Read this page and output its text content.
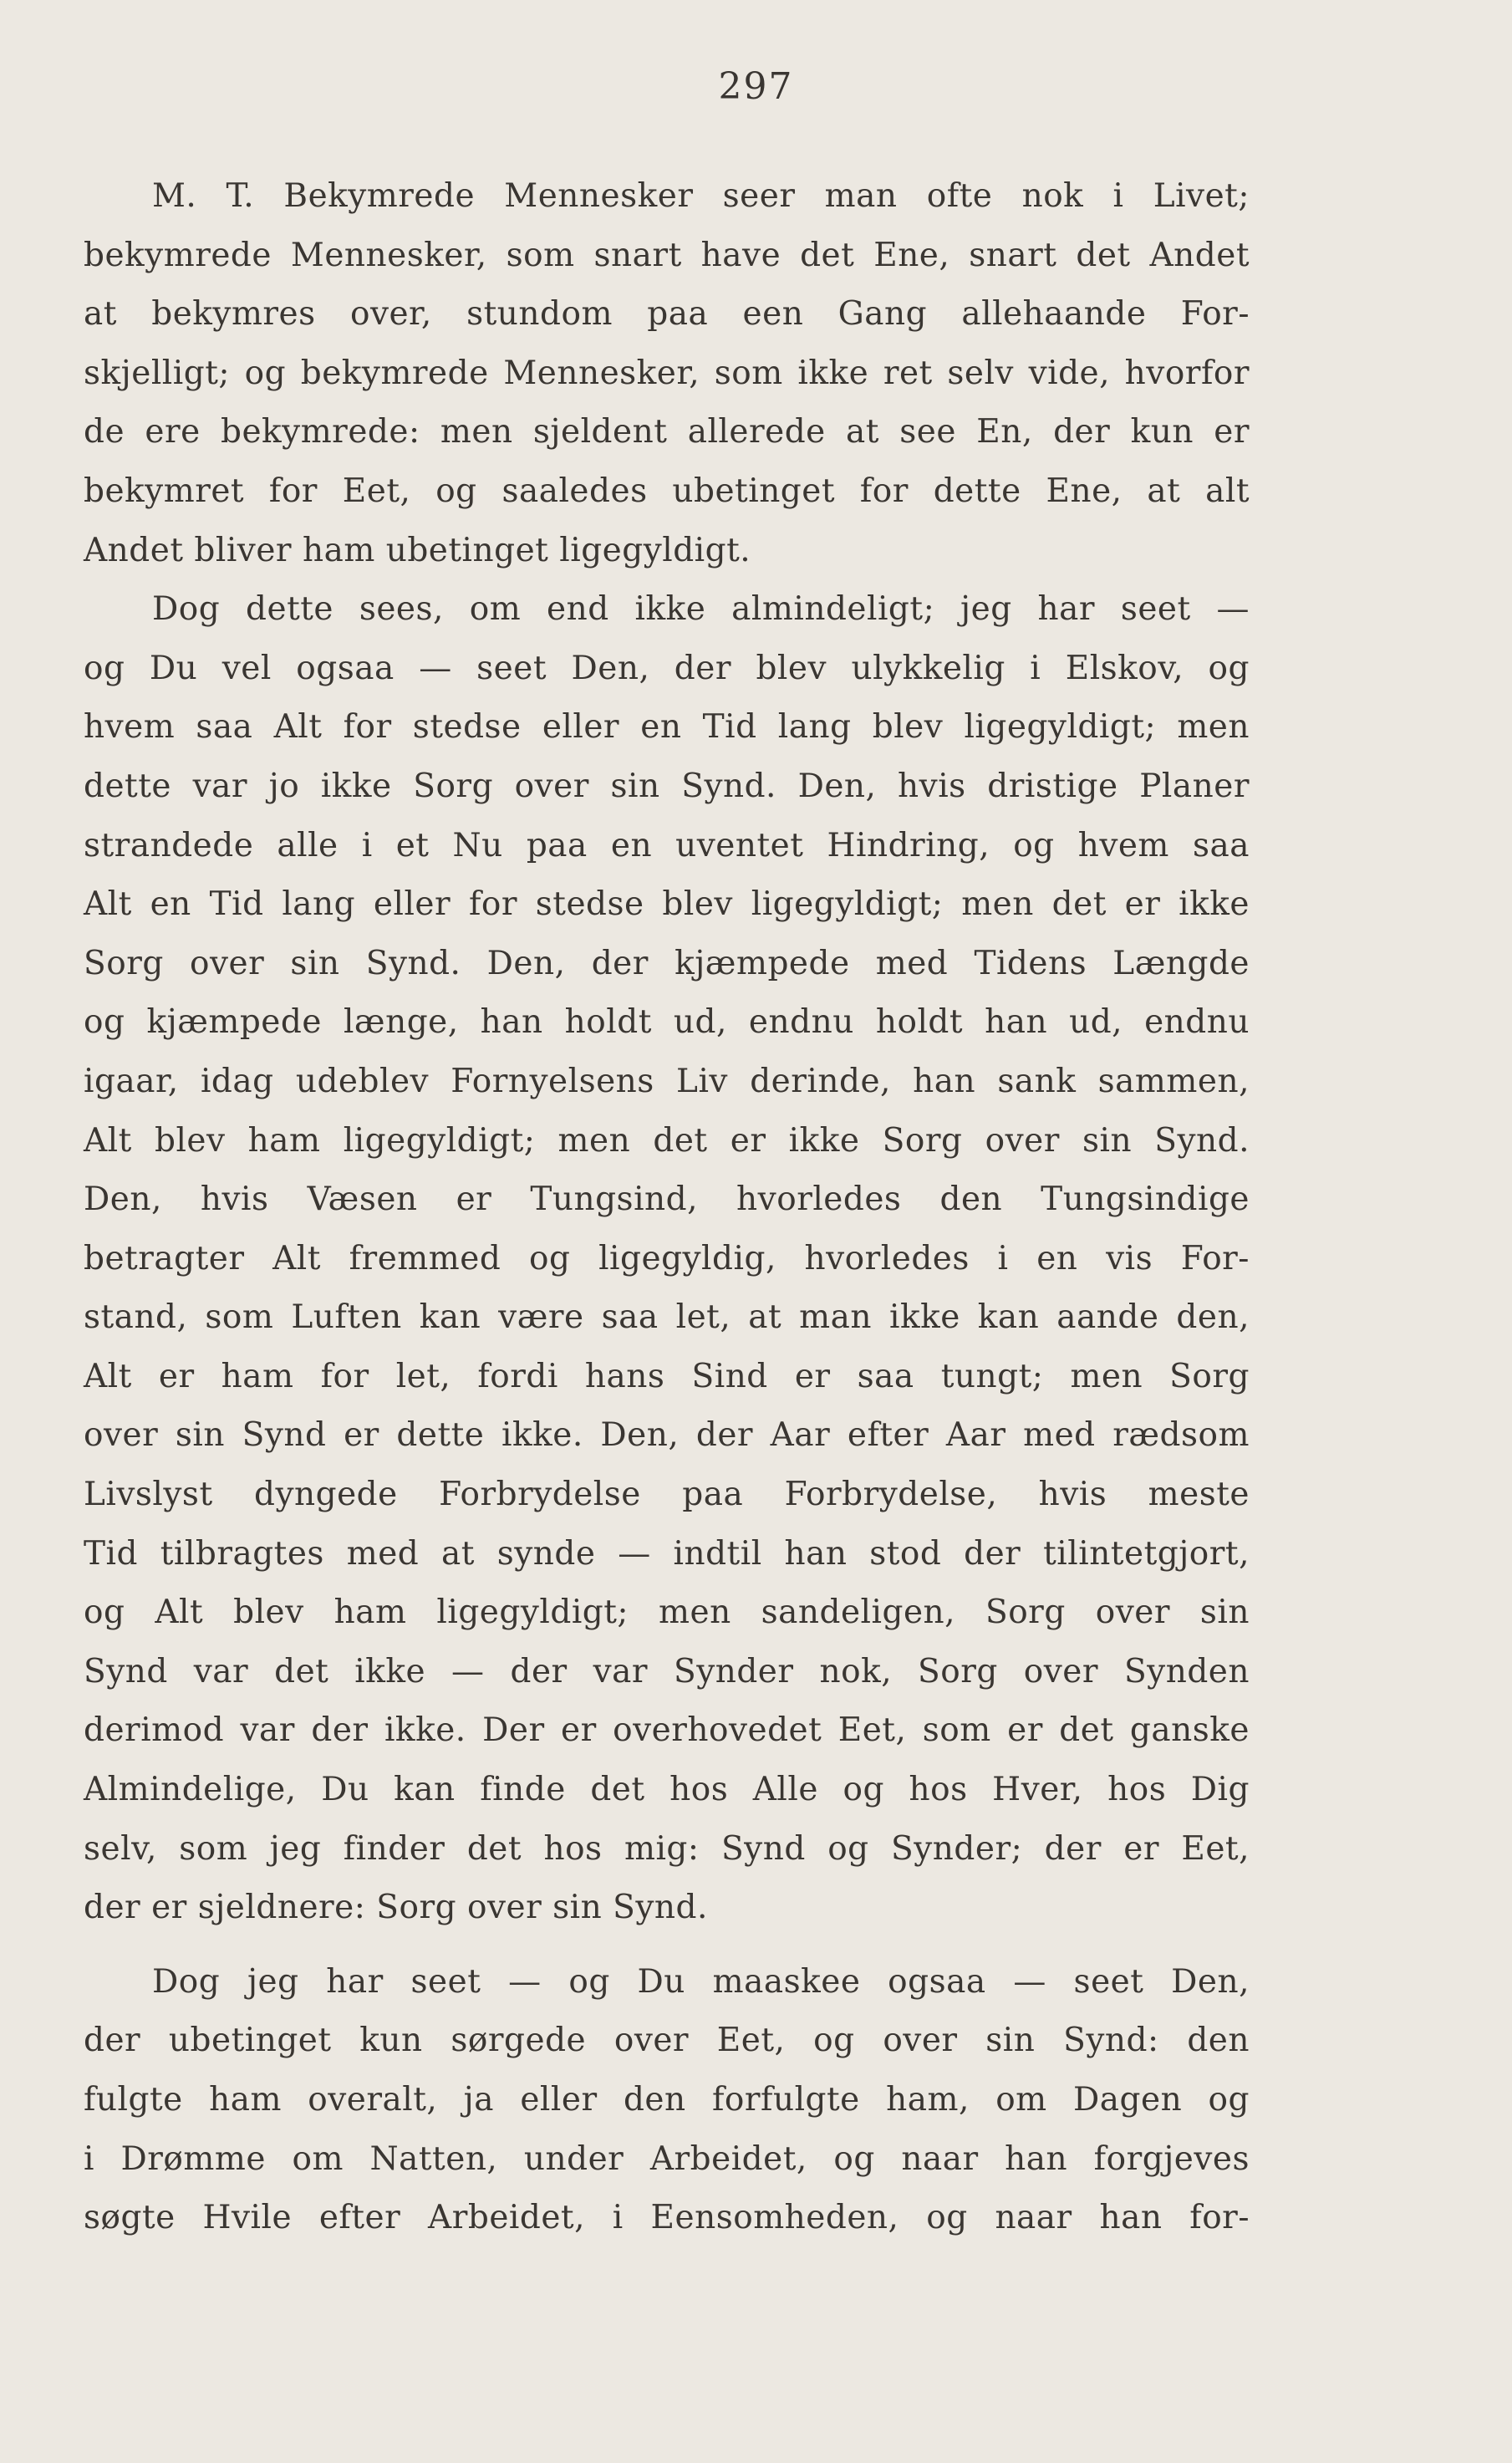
297
M. T. Bekymrede Mennesker seer man ofte nok i Livet;
bekymrede Mennesker, som snart have det Ene, snart det Andet
at bekymres over, stundom paa een Gang allehaande For-
skjelligt; og bekymrede Mennesker, som ikke ret selv vide, hvorfor
de ere bekymrede: men sjeldent allerede at see En, der kun er
bekymret for Eet, og saaledes ubetinget for dette Ene, at alt
Andet bliver ham ubetinget ligegyldigt.
Dog dette sees, om end ikke almindeligt; jeg har seet —
og Du vel ogsaa — seet Den, der blev ulykkelig i Elskov, og
hvem saa Alt for stedse eller en Tid lang blev ligegyldigt; men
dette var jo ikke Sorg over sin Synd. Den, hvis dristige Planer
strandede alle i et Nu paa en uventet Hindring, og hvem saa
Alt en Tid lang eller for stedse blev ligegyldigt; men det er ikke
Sorg over sin Synd. Den, der kjæmpede med Tidens Længde
og kjæmpede længe, han holdt ud, endnu holdt han ud, endnu
igaar, idag udeblev Fornyelsens Liv derinde, han sank sammen,
Alt blev ham ligegyldigt; men det er ikke Sorg over sin Synd.
Den, hvis Væsen er Tungsind, hvorledes den Tungsindige
betragter Alt fremmed og ligegyldig, hvorledes i en vis For-
stand, som Luften kan være saa let, at man ikke kan aande den,
Alt er ham for let, fordi hans Sind er saa tungt; men Sorg
over sin Synd er dette ikke. Den, der Aar efter Aar med rædsom
Livslyst dyngede Forbrydelse paa Forbrydelse, hvis meste
Tid tilbragtes med at synde — indtil han stod der tilintetgjort,
og Alt blev ham ligegyldigt; men sandeligen, Sorg over sin
Synd var det ikke — der var Synder nok, Sorg over Synden
derimod var der ikke. Der er overhovedet Eet, som er det ganske
Almindelige, Du kan finde det hos Alle og hos Hver, hos Dig
selv, som jeg finder det hos mig: Synd og Synder; der er Eet,
der er sjeldnere: Sorg over sin Synd.
Dog jeg har seet — og Du maaskee ogsaa — seet Den,
der ubetinget kun sørgede over Eet, og over sin Synd: den
fulgte ham overalt, ja eller den forfulgte ham, om Dagen og
i Drømme om Natten, under Arbeidet, og naar han forgjeves
søgte Hvile efter Arbeidet, i Eensomheden, og naar han for-
